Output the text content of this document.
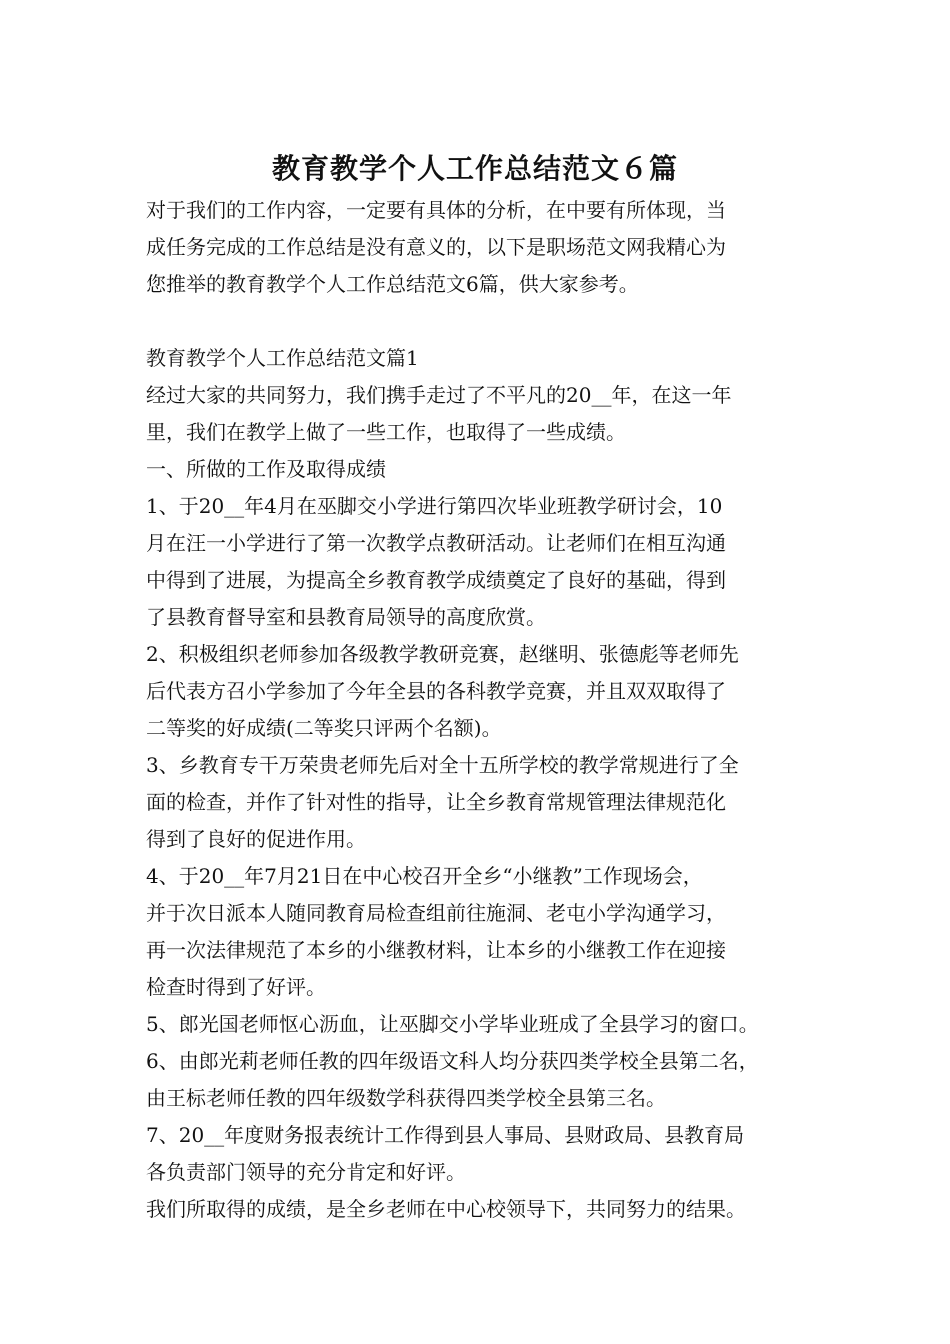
教育教学个人工作总结范文６篇

对于我们的工作内容，一定要有具体的分析，在中要有所体现，当

成任务完成的工作总结是没有意义的，以下是职场范文网我精心为

您推举的教育教学个人工作总结范文6篇，供大家参考。

教育教学个人工作总结范文篇1

经过大家的共同努力，我们携手走过了不平凡的20__年，在这一年

里，我们在教学上做了一些工作，也取得了一些成绩。

一、所做的工作及取得成绩

1、于20__年4月在巫脚交小学进行第四次毕业班教学研讨会，10

月在汪一小学进行了第一次教学点教研活动。让老师们在相互沟通

中得到了进展，为提高全乡教育教学成绩奠定了良好的基础，得到

了县教育督导室和县教育局领导的高度欣赏。

2、积极组织老师参加各级教学教研竞赛，赵继明、张德彪等老师先

后代表方召小学参加了今年全县的各科教学竞赛，并且双双取得了

二等奖的好成绩(二等奖只评两个名额)。

3、乡教育专干万荣贵老师先后对全十五所学校的教学常规进行了全

面的检查，并作了针对性的指导，让全乡教育常规管理法律规范化

得到了良好的促进作用。

4、于20__年7月21日在中心校召开全乡“小继教”工作现场会，

并于次日派本人随同教育局检查组前往施洞、老屯小学沟通学习，

再一次法律规范了本乡的小继教材料，让本乡的小继教工作在迎接

检查时得到了好评。

5、郎光国老师怄心沥血，让巫脚交小学毕业班成了全县学习的窗口。

6、由郎光莉老师任教的四年级语文科人均分获四类学校全县第二名，

由王标老师任教的四年级数学科获得四类学校全县第三名。

7、20__年度财务报表统计工作得到县人事局、县财政局、县教育局

各负责部门领导的充分肯定和好评。

我们所取得的成绩，是全乡老师在中心校领导下，共同努力的结果。
